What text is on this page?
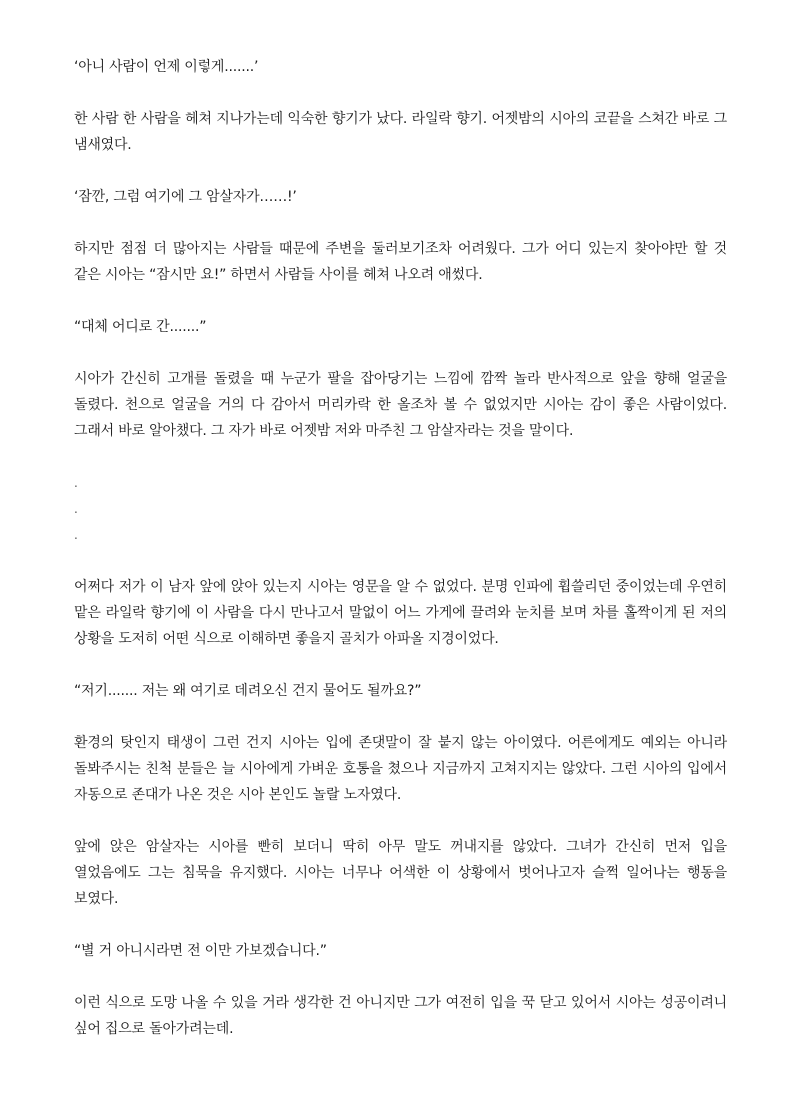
‘아니 사람이 언제 이렇게.......’

한 사람 한 사람을 헤쳐 지나가는데 익숙한 향기가 났다. 라일락 향기. 어젯밤의 시아의 코끝을 스쳐간 바로 그 냄새였다.

‘잠깐, 그럼 여기에 그 암살자가……!’

하지만 점점 더 많아지는 사람들 때문에 주변을 둘러보기조차 어려웠다. 그가 어디 있는지 찾아야만 할 것 같은 시아는 “잠시만 요!” 하면서 사람들 사이를 헤쳐 나오려 애썼다.

“대체 어디로 간.......”

시아가 간신히 고개를 돌렸을 때 누군가 팔을 잡아당기는 느낌에 깜짝 놀라 반사적으로 앞을 향해 얼굴을 돌렸다. 천으로 얼굴을 거의 다 감아서 머리카락 한 올조차 볼 수 없었지만 시아는 감이 좋은 사람이었다. 그래서 바로 알아챘다. 그 자가 바로 어젯밤 저와 마주친 그 암살자라는 것을 말이다.

.
.
.

어쩌다 저가 이 남자 앞에 앉아 있는지 시아는 영문을 알 수 없었다. 분명 인파에 휩쓸리던 중이었는데 우연히 맡은 라일락 향기에 이 사람을 다시 만나고서 말없이 어느 가게에 끌려와 눈치를 보며 차를 홀짝이게 된 저의 상황을 도저히 어떤 식으로 이해하면 좋을지 골치가 아파올 지경이었다.

“저기....... 저는 왜 여기로 데려오신 건지 물어도 될까요?”

환경의 탓인지 태생이 그런 건지 시아는 입에 존댓말이 잘 붙지 않는 아이였다. 어른에게도 예외는 아니라 돌봐주시는 친척 분들은 늘 시아에게 가벼운 호통을 쳤으나 지금까지 고쳐지지는 않았다. 그런 시아의 입에서 자동으로 존대가 나온 것은 시아 본인도 놀랄 노자였다.

앞에 앉은 암살자는 시아를 빤히 보더니 딱히 아무 말도 꺼내지를 않았다. 그녀가 간신히 먼저 입을 열었음에도 그는 침묵을 유지했다. 시아는 너무나 어색한 이 상황에서 벗어나고자 슬쩍 일어나는 행동을 보였다.

“별 거 아니시라면 전 이만 가보겠습니다.”

이런 식으로 도망 나올 수 있을 거라 생각한 건 아니지만 그가 여전히 입을 꾹 닫고 있어서 시아는 성공이려니 싶어 집으로 돌아가려는데.
